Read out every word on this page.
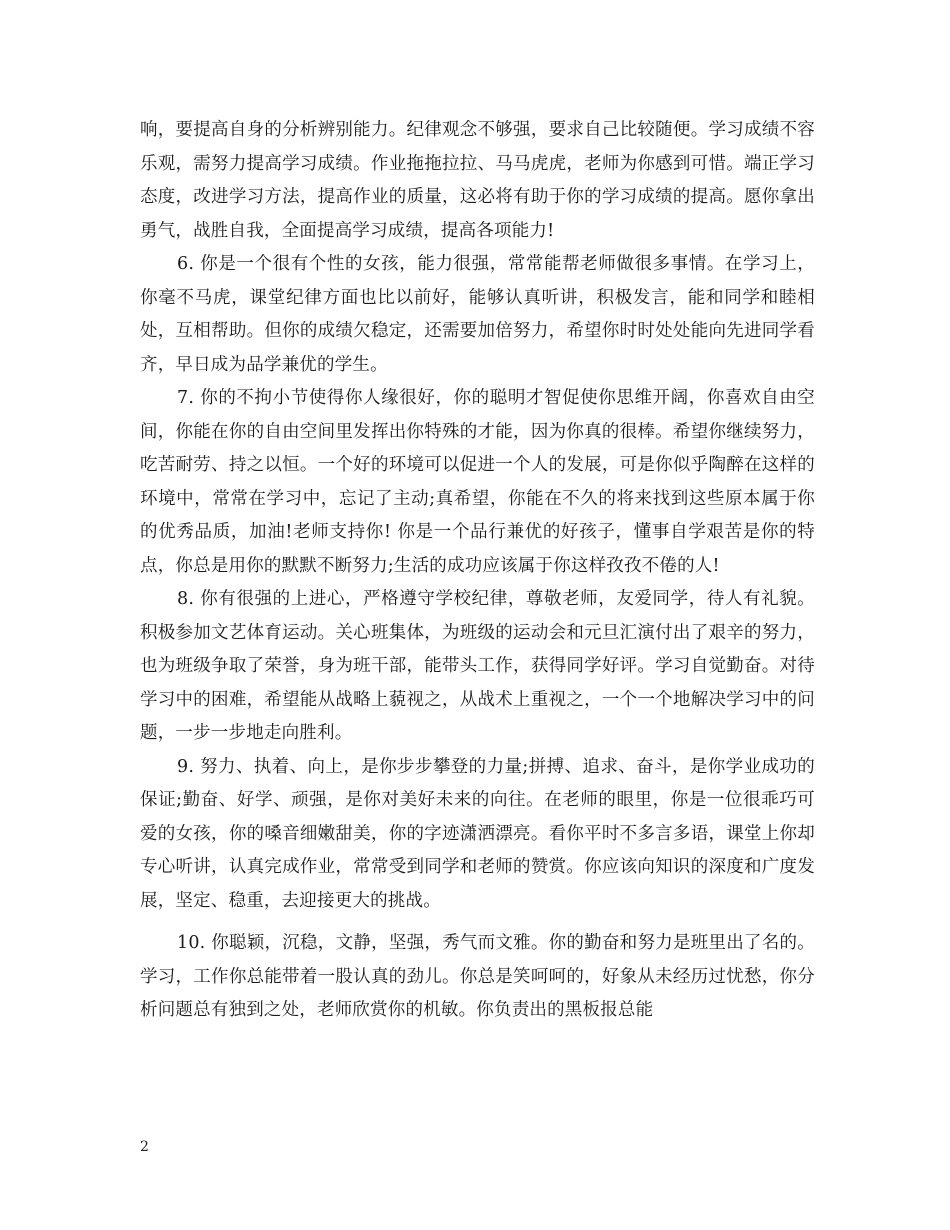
响，要提高自身的分析辨别能力。纪律观念不够强，要求自己比较随便。学习成绩不容乐观，需努力提高学习成绩。作业拖拖拉拉、马马虎虎，老师为你感到可惜。端正学习态度，改进学习方法，提高作业的质量，这必将有助于你的学习成绩的提高。愿你拿出勇气，战胜自我，全面提高学习成绩，提高各项能力!

6. 你是一个很有个性的女孩，能力很强，常常能帮老师做很多事情。在学习上，你毫不马虎，课堂纪律方面也比以前好，能够认真听讲，积极发言，能和同学和睦相处，互相帮助。但你的成绩欠稳定，还需要加倍努力，希望你时时处处能向先进同学看齐，早日成为品学兼优的学生。

7. 你的不拘小节使得你人缘很好，你的聪明才智促使你思维开阔，你喜欢自由空间，你能在你的自由空间里发挥出你特殊的才能，因为你真的很棒。希望你继续努力，吃苦耐劳、持之以恒。一个好的环境可以促进一个人的发展，可是你似乎陶醉在这样的环境中，常常在学习中，忘记了主动;真希望，你能在不久的将来找到这些原本属于你的优秀品质，加油!老师支持你! 你是一个品行兼优的好孩子，懂事自学艰苦是你的特点，你总是用你的默默不断努力;生活的成功应该属于你这样孜孜不倦的人!

8. 你有很强的上进心，严格遵守学校纪律，尊敬老师，友爱同学，待人有礼貌。积极参加文艺体育运动。关心班集体，为班级的运动会和元旦汇演付出了艰辛的努力，也为班级争取了荣誉，身为班干部，能带头工作，获得同学好评。学习自觉勤奋。对待学习中的困难，希望能从战略上藐视之，从战术上重视之，一个一个地解决学习中的问题，一步一步地走向胜利。

9. 努力、执着、向上，是你步步攀登的力量;拼搏、追求、奋斗，是你学业成功的保证;勤奋、好学、顽强，是你对美好未来的向往。在老师的眼里，你是一位很乖巧可爱的女孩，你的嗓音细嫩甜美，你的字迹潇洒漂亮。看你平时不多言多语，课堂上你却专心听讲，认真完成作业，常常受到同学和老师的赞赏。你应该向知识的深度和广度发展，坚定、稳重，去迎接更大的挑战。

10. 你聪颖，沉稳，文静，坚强，秀气而文雅。你的勤奋和努力是班里出了名的。学习，工作你总能带着一股认真的劲儿。你总是笑呵呵的，好象从未经历过忧愁，你分析问题总有独到之处，老师欣赏你的机敏。你负责出的黑板报总能

2
